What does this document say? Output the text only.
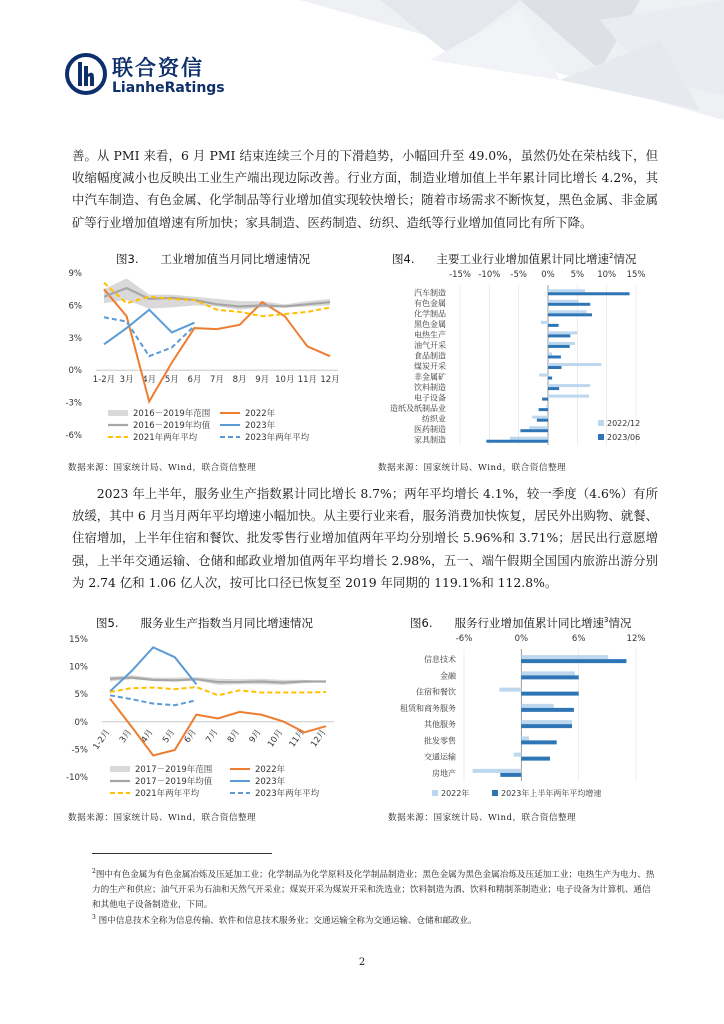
联合资信
LianheRatings

善。从 PMI 来看，6 月 PMI 结束连续三个月的下滑趋势，小幅回升至 49.0%，虽然仍处在荣枯线下，但收缩幅度减小也反映出工业生产端出现边际改善。行业方面，制造业增加值上半年累计同比增长 4.2%，其中汽车制造、有色金属、化学制品等行业增加值实现较快增长；随着市场需求不断恢复，黑色金属、非金属矿等行业增加值增速有所加快；家具制造、医药制造、纺织、造纸等行业增加值同比有所下降。

图3. 工业增加值当月同比增速情况
9%
6%
3%
0%
-3%
-6%
1-2月 3月 4月 5月 6月 7月 8月 9月 10月 11月 12月
2016－2019年范围	2022年
2016－2019年均值	2023年
2021年两年平均	2023年两年平均
数据来源：国家统计局、Wind，联合资信整理
图4. 主要工业行业增加值累计同比增速$^2$情况
-15% -10% -5% 0% 5% 10% 15%
汽车制造
有色金属
化学制品
黑色金属
电热生产
油气开采
食品制造
煤炭开采
非金属矿
饮料制造
电子设备
造纸及纸制品业
纺织业
医药制造
家具制造
2022/12
2023/06
数据来源：国家统计局、Wind，联合资信整理

2023 年上半年，服务业生产指数累计同比增长 8.7%；两年平均增长 4.1%，较一季度（4.6%）有所放缓，其中 6 月当月两年平均增速小幅加快。从主要行业来看，服务消费加快恢复，居民外出购物、就餐、住宿增加，上半年住宿和餐饮、批发零售行业增加值两年平均分别增长 5.96%和 3.71%；居民出行意愿增强，上半年交通运输、仓储和邮政业增加值两年平均增长 2.98%，五一、端午假期全国国内旅游出游分别为 2.74 亿和 1.06 亿人次，按可比口径已恢复至 2019 年同期的 119.1%和 112.8%。

图5. 服务业生产指数当月同比增速情况
15%
10%
5%
0%
-5%
-10%
1-2月 3月 4月 5月 6月 7月 8月 9月 10月 11月 12月
2017－2019年范围	2022年
2017－2019年均值	2023年
2021年两年平均	2023年两年平均
数据来源：国家统计局、Wind，联合资信整理
图6. 服务行业增加值累计同比增速$^3$情况
-6%	0%	6%	12%
信息技术
金融
住宿和餐饮
租赁和商务服务
其他服务
批发零售
交通运输
房地产
2022年	2023年上半年两年平均增速
数据来源：国家统计局、Wind，联合资信整理
$^2$图中有色金属为有色金属冶炼及压延加工业；化学制品为化学原料及化学制品制造业；黑色金属为黑色金属冶炼及压延加工业；电热生产为电力、热力的生产和供应；油气开采为石油和天然气开采业；煤炭开采为煤炭开采和洗选业；饮料制造为酒、饮料和精制茶制造业；电子设备为计算机、通信和其他电子设备制造业，下同。
$^3$ 图中信息技术全称为信息传输、软件和信息技术服务业；交通运输全称为交通运输、仓储和邮政业。
2
